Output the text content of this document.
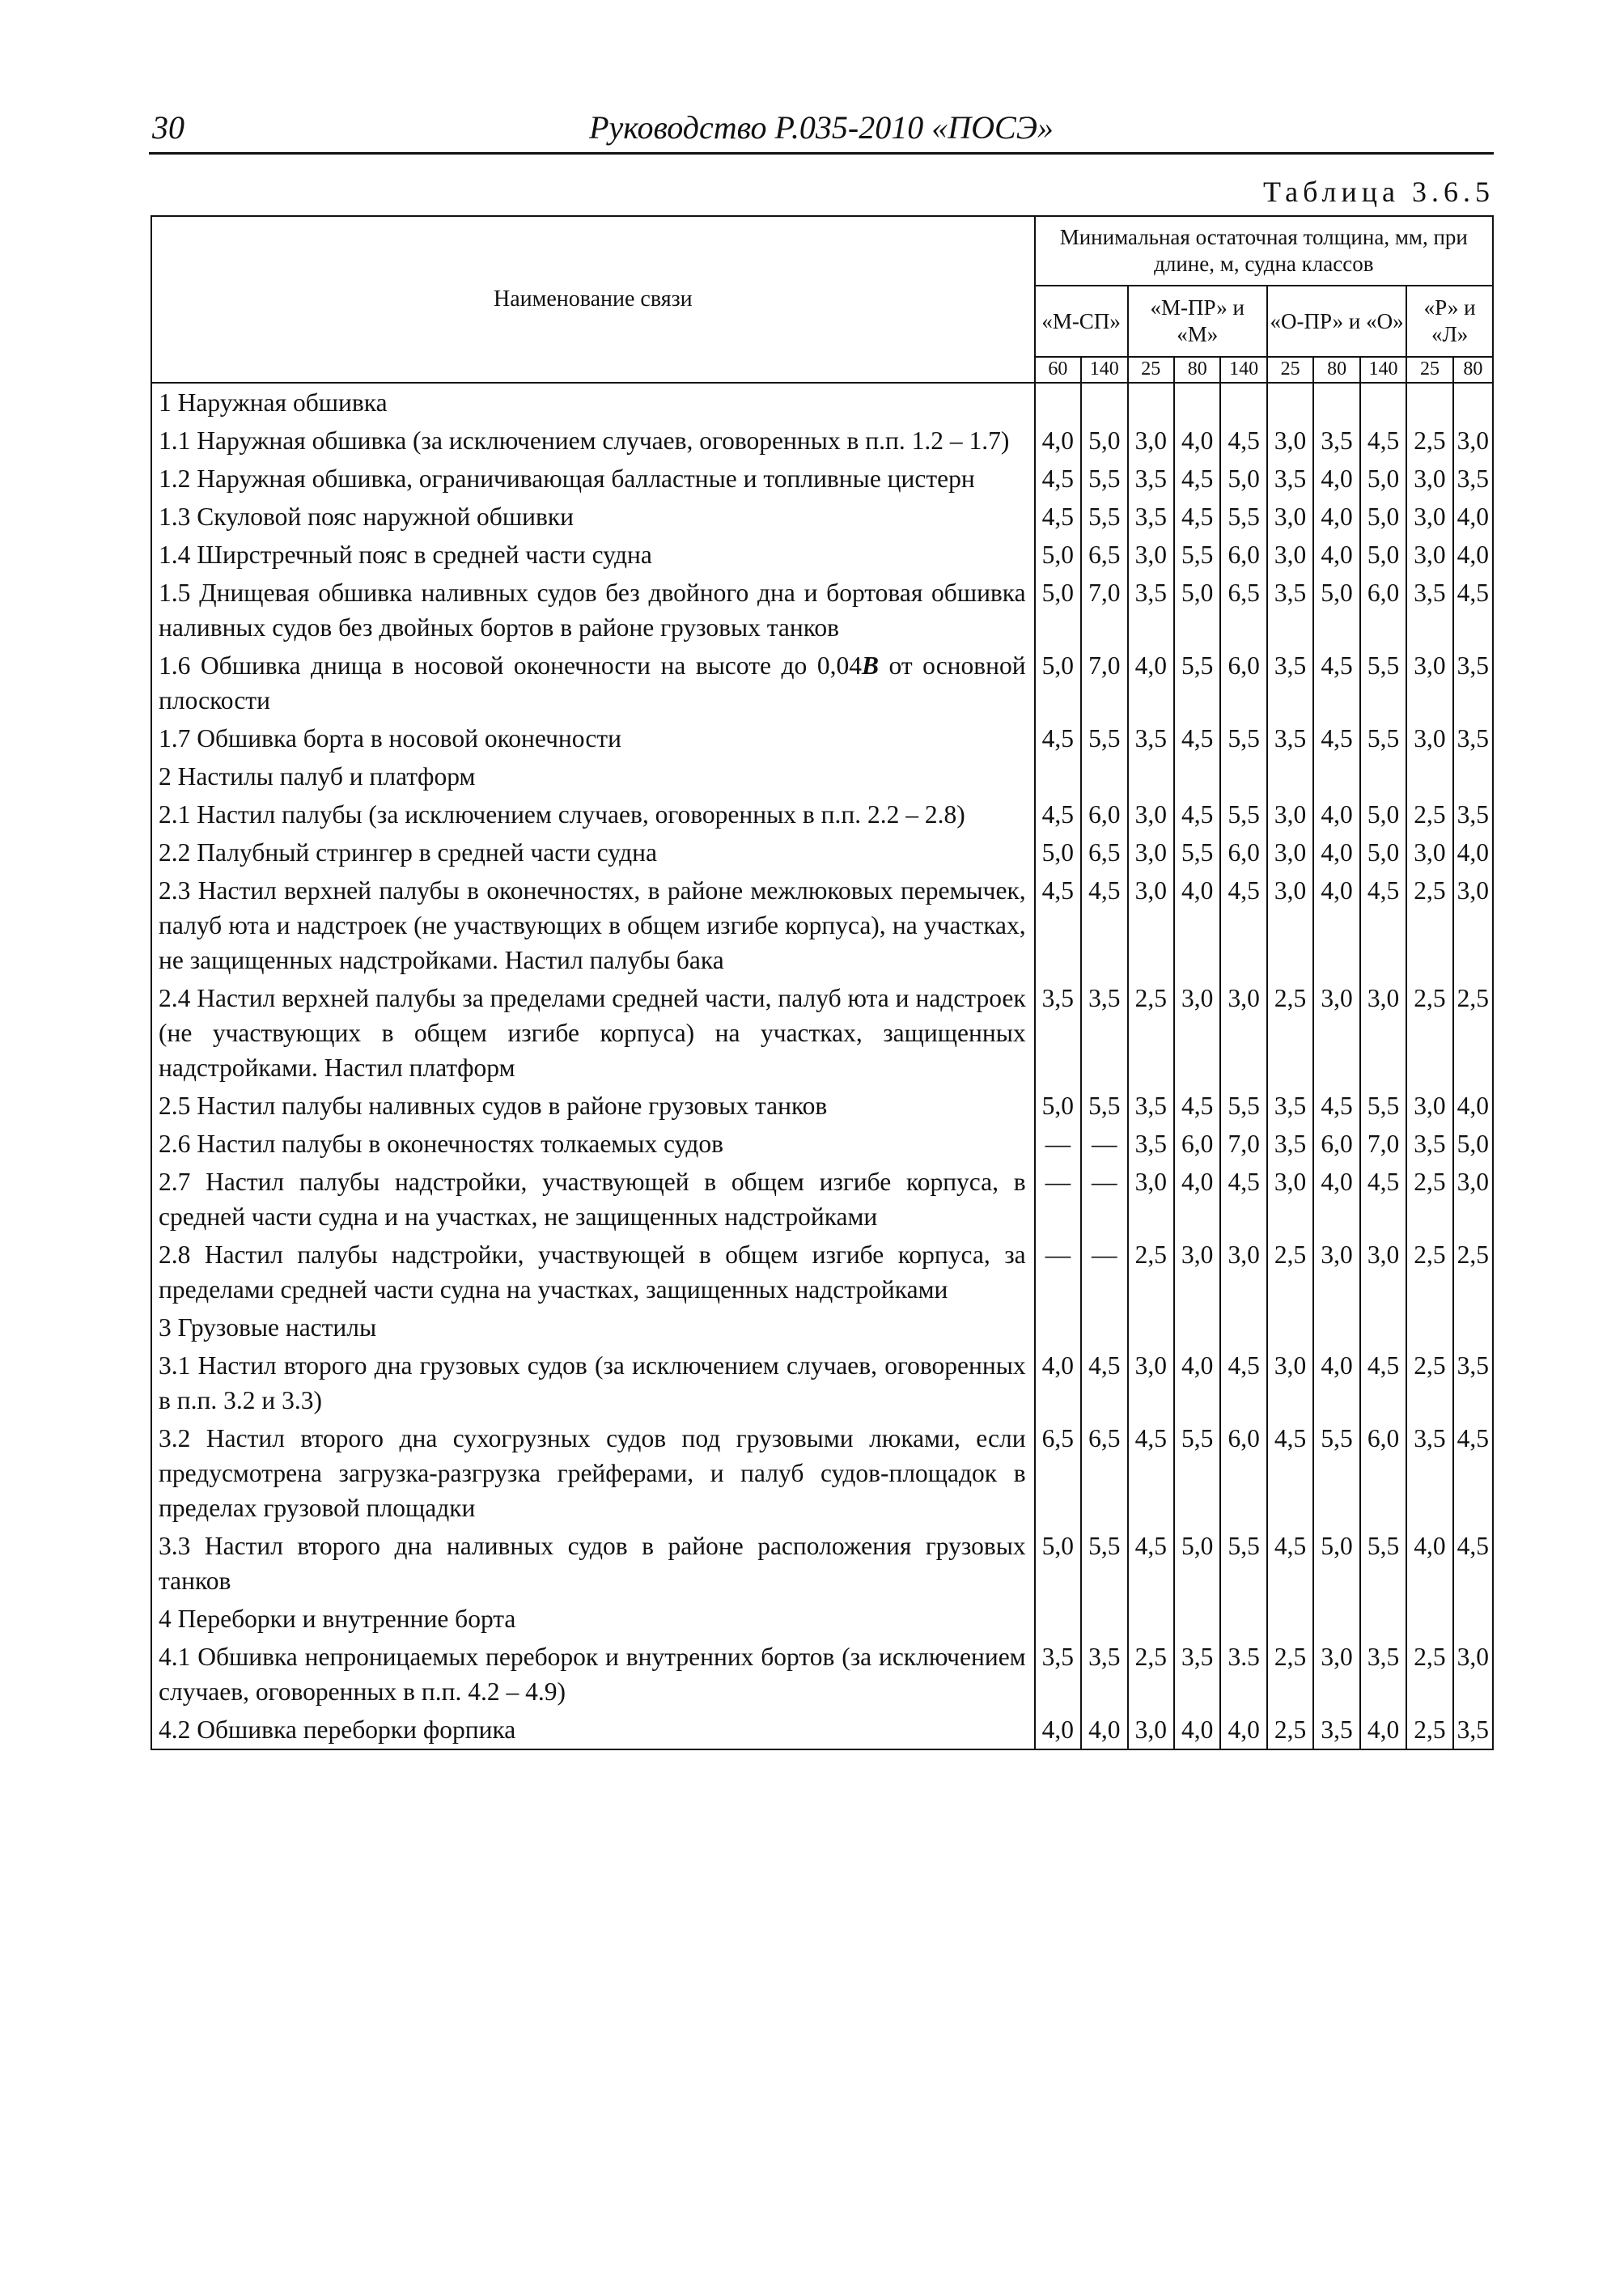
30	Руководство Р.035-2010 «ПОСЭ»
Таблица 3.6.5
Наименование связи	Минимальная остаточная толщина, мм, при длине, м, судна классов									
	«М-СП»		«М-ПР» и «М»			«О-ПР» и «О»			«Р» и «Л»	
	60	140	25	80	140	25	80	140	25	80
1 Наружная обшивка										
1.1 Наружная обшивка (за исключением случаев, оговоренных в п.п. 1.2 – 1.7)	4,0	5,0	3,0	4,0	4,5	3,0	3,5	4,5	2,5	3,0
1.2 Наружная обшивка, ограничивающая балластные и топливные цистерн	4,5	5,5	3,5	4,5	5,0	3,5	4,0	5,0	3,0	3,5
1.3 Скуловой пояс наружной обшивки	4,5	5,5	3,5	4,5	5,5	3,0	4,0	5,0	3,0	4,0
1.4 Ширстречный пояс в средней части судна	5,0	6,5	3,0	5,5	6,0	3,0	4,0	5,0	3,0	4,0
1.5 Днищевая обшивка наливных судов без двойного дна и бортовая обшивка наливных судов без двойных бортов в районе грузовых танков	5,0	7,0	3,5	5,0	6,5	3,5	5,0	6,0	3,5	4,5
1.6 Обшивка днища в носовой оконечности на высоте до 0,04B от основной плоскости	5,0	7,0	4,0	5,5	6,0	3,5	4,5	5,5	3,0	3,5
1.7 Обшивка борта в носовой оконечности	4,5	5,5	3,5	4,5	5,5	3,5	4,5	5,5	3,0	3,5
2 Настилы палуб и платформ										
2.1 Настил палубы (за исключением случаев, оговоренных в п.п. 2.2 – 2.8)	4,5	6,0	3,0	4,5	5,5	3,0	4,0	5,0	2,5	3,5
2.2 Палубный стрингер в средней части судна	5,0	6,5	3,0	5,5	6,0	3,0	4,0	5,0	3,0	4,0
2.3 Настил верхней палубы в оконечностях, в районе межлюковых перемычек, палуб юта и надстроек (не участвующих в общем изгибе корпуса), на участках, не защищенных надстройками. Настил палубы бака	4,5	4,5	3,0	4,0	4,5	3,0	4,0	4,5	2,5	3,0
2.4 Настил верхней палубы за пределами средней части, палуб юта и надстроек (не участвующих в общем изгибе корпуса) на участках, защищенных надстройками. Настил платформ	3,5	3,5	2,5	3,0	3,0	2,5	3,0	3,0	2,5	2,5
2.5 Настил палубы наливных судов в районе грузовых танков	5,0	5,5	3,5	4,5	5,5	3,5	4,5	5,5	3,0	4,0
2.6 Настил палубы в оконечностях толкаемых судов	—	—	3,5	6,0	7,0	3,5	6,0	7,0	3,5	5,0
2.7 Настил палубы надстройки, участвующей в общем изгибе корпуса, в средней части судна и на участках, не защищенных надстройками	—	—	3,0	4,0	4,5	3,0	4,0	4,5	2,5	3,0
2.8 Настил палубы надстройки, участвующей в общем изгибе корпуса, за пределами средней части судна на участках, защищенных надстройками	—	—	2,5	3,0	3,0	2,5	3,0	3,0	2,5	2,5
3 Грузовые настилы										
3.1 Настил второго дна грузовых судов (за исключением случаев, оговоренных в п.п. 3.2 и 3.3)	4,0	4,5	3,0	4,0	4,5	3,0	4,0	4,5	2,5	3,5
3.2 Настил второго дна сухогрузных судов под грузовыми люками, если предусмотрена загрузка-разгрузка грейферами, и палуб судов-площадок в пределах грузовой площадки	6,5	6,5	4,5	5,5	6,0	4,5	5,5	6,0	3,5	4,5
3.3 Настил второго дна наливных судов в районе расположения грузовых танков	5,0	5,5	4,5	5,0	5,5	4,5	5,0	5,5	4,0	4,5
4 Переборки и внутренние борта										
4.1 Обшивка непроницаемых переборок и внутренних бортов (за исключением случаев, оговоренных в п.п. 4.2 – 4.9)	3,5	3,5	2,5	3,5	3.5	2,5	3,0	3,5	2,5	3,0
4.2 Обшивка переборки форпика	4,0	4,0	3,0	4,0	4,0	2,5	3,5	4,0	2,5	3,5
